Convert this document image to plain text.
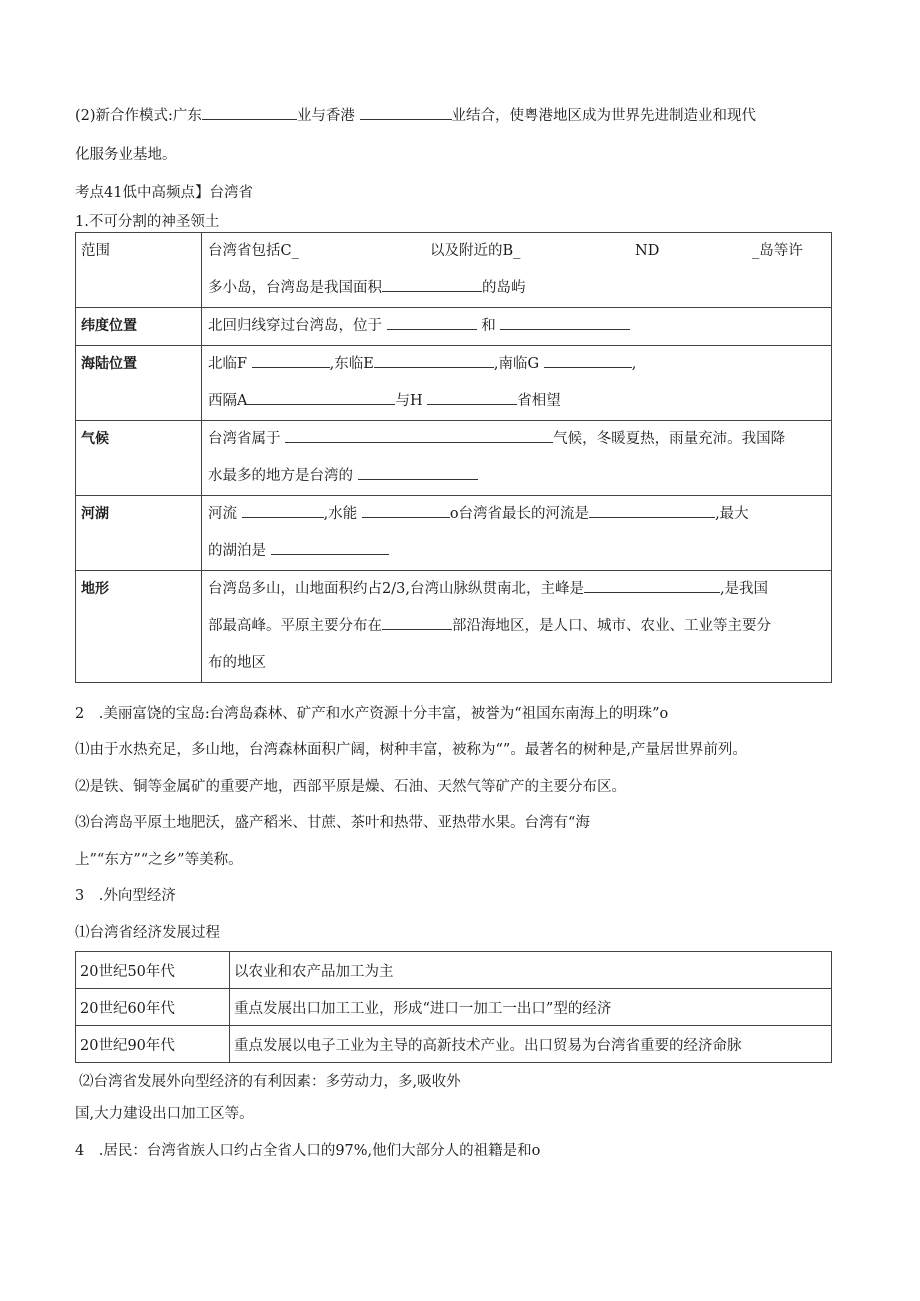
(2)新合作模式:广东	业与香港	业结合，使粤港地区成为世界先进制造业和现代
化服务业基地。
考点41低中高频点】台湾省
1.不可分割的神圣领土
范围	台湾省包括C_ 以及附近的B_ ND _岛等许
多小岛，台湾岛是我国面积 的岛屿

纬度位置	北回归线穿过台湾岛，位于 和

海陆位置	北临F ,东临E ,南临G ,
西隔A 与H 省相望

气候	台湾省属于 气候，冬暖夏热，雨量充沛。我国降
水最多的地方是台湾的

河湖	河流 ,水能 o台湾省最长的河流是 ,最大
的湖泊是

地形	台湾岛多山，山地面积约占2/3,台湾山脉纵贯南北，主峰是 ,是我国
部最高峰。平原主要分布在 部沿海地区，是人口、城市、农业、工业等主要分
布的地区
2　.美丽富饶的宝岛:台湾岛森林、矿产和水产资源十分丰富，被誉为“祖国东南海上的明珠”o
⑴由于水热充足，多山地，台湾森林面积广阔，树种丰富，被称为“”。最著名的树种是,产量居世界前列。
⑵是铁、铜等金属矿的重要产地，西部平原是燥、石油、天然气等矿产的主要分布区。
⑶台湾岛平原土地肥沃，盛产稻米、甘蔗、茶叶和热带、亚热带水果。台湾有“海
上”“东方”“之乡”等美称。
3　.外向型经济
⑴台湾省经济发展过程
20世纪50年代	以农业和农产品加工为主
20世纪60年代	重点发展出口加工工业，形成“进口一加工一出口”型的经济
20世纪90年代	重点发展以电子工业为主导的高新技术产业。出口贸易为台湾省重要的经济命脉
⑵台湾省发展外向型经济的有利因素：多劳动力，多,吸收外
国,大力建设出口加工区等。
4　.居民：台湾省族人口约占全省人口的97%,他们大部分人的祖籍是和o
